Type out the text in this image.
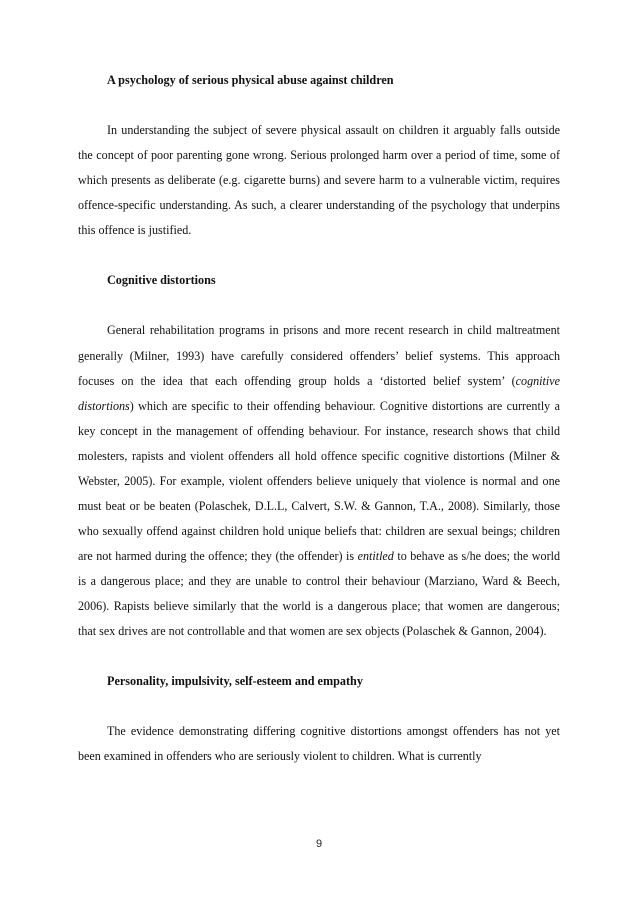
A psychology of serious physical abuse against children

In understanding the subject of severe physical assault on children it arguably falls outside the concept of poor parenting gone wrong. Serious prolonged harm over a period of time, some of which presents as deliberate (e.g. cigarette burns) and severe harm to a vulnerable victim, requires offence-specific understanding. As such, a clearer understanding of the psychology that underpins this offence is justified.

Cognitive distortions

General rehabilitation programs in prisons and more recent research in child maltreatment generally (Milner, 1993) have carefully considered offenders’ belief systems. This approach focuses on the idea that each offending group holds a ‘distorted belief system’ (cognitive distortions) which are specific to their offending behaviour. Cognitive distortions are currently a key concept in the management of offending behaviour. For instance, research shows that child molesters, rapists and violent offenders all hold offence specific cognitive distortions (Milner & Webster, 2005). For example, violent offenders believe uniquely that violence is normal and one must beat or be beaten (Polaschek, D.L.L, Calvert, S.W. & Gannon, T.A., 2008). Similarly, those who sexually offend against children hold unique beliefs that: children are sexual beings; children are not harmed during the offence; they (the offender) is entitled to behave as s/he does; the world is a dangerous place; and they are unable to control their behaviour (Marziano, Ward & Beech, 2006). Rapists believe similarly that the world is a dangerous place; that women are dangerous; that sex drives are not controllable and that women are sex objects (Polaschek & Gannon, 2004).

Personality, impulsivity, self-esteem and empathy

The evidence demonstrating differing cognitive distortions amongst offenders has not yet been examined in offenders who are seriously violent to children. What is currently

9
